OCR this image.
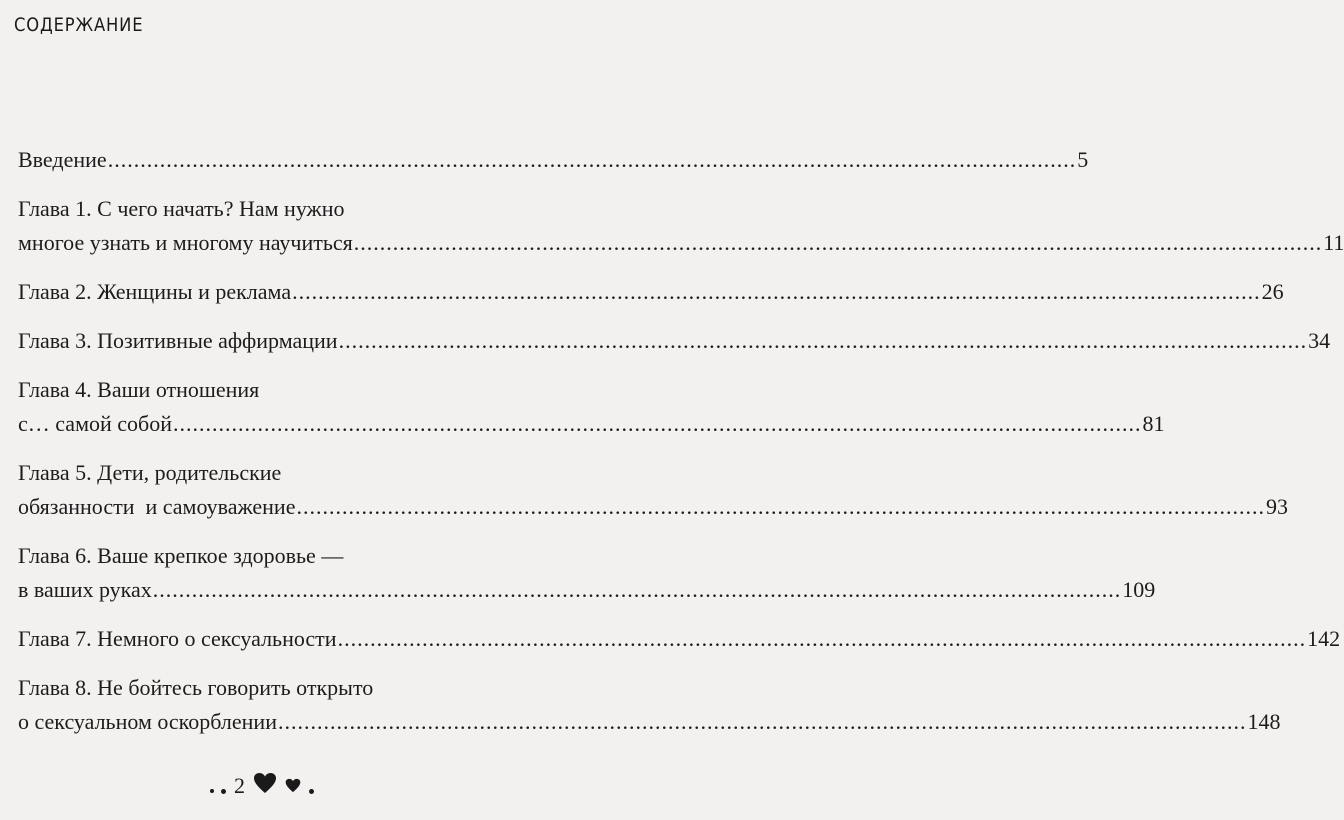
СОДЕРЖАНИЕ
Введение ..................................................................................................................................................... 5
Глава 1. С чего начать? Нам нужно
многое узнать и многому научиться ..................................................................................................................................................... 11
Глава 2. Женщины и реклама ..................................................................................................................................................... 26
Глава 3. Позитивные аффирмации ..................................................................................................................................................... 34
Глава 4. Ваши отношения
с… самой собой ..................................................................................................................................................... 81
Глава 5. Дети, родительские
обязанности  и самоуважение ..................................................................................................................................................... 93
Глава 6. Ваше крепкое здоровье —
в ваших руках ..................................................................................................................................................... 109
Глава 7. Немного о сексуальности ..................................................................................................................................................... 142
Глава 8. Не бойтесь говорить открыто
о сексуальном оскорблении ..................................................................................................................................................... 148
2
